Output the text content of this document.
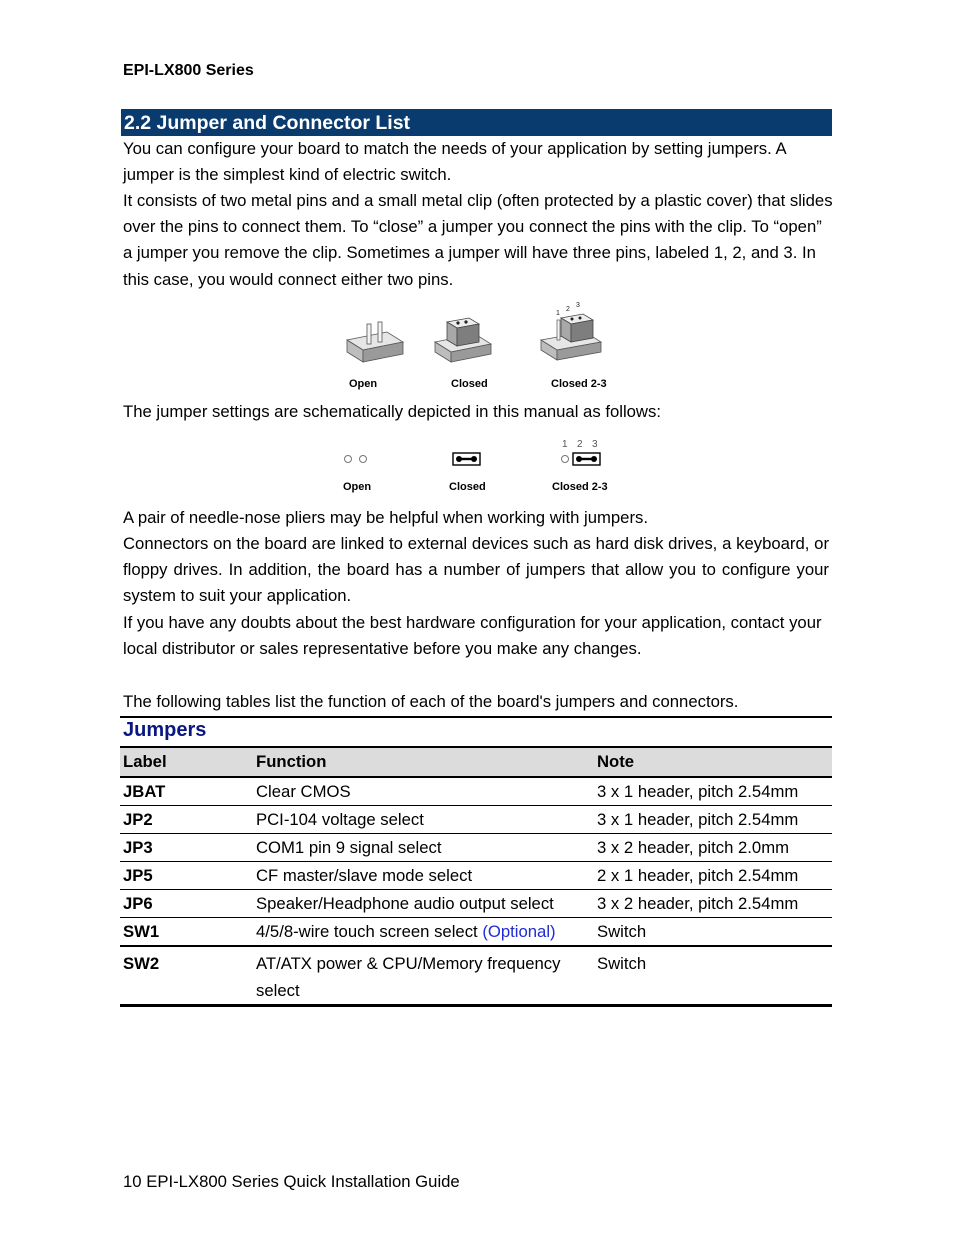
EPI-LX800 Series
2.2 Jumper and Connector List

You can configure your board to match the needs of your application by setting jumpers. A jumper is the simplest kind of electric switch.

It consists of two metal pins and a small metal clip (often protected by a plastic cover) that slides over the pins to connect them. To “close” a jumper you connect the pins with the clip. To “open” a jumper you remove the clip. Sometimes a jumper will have three pins, labeled 1, 2, and 3. In this case, you would connect either two pins.

1
2
3
Open	Closed	Closed 2-3

The jumper settings are schematically depicted in this manual as follows:

1 2 3
Open	Closed	Closed 2-3

A pair of needle-nose pliers may be helpful when working with jumpers.

Connectors on the board are linked to external devices such as hard disk drives, a keyboard, or floppy drives. In addition, the board has a number of jumpers that allow you to configure your system to suit your application.

If you have any doubts about the best hardware configuration for your application, contact your local distributor or sales representative before you make any changes.

The following tables list the function of each of the board's jumpers and connectors.

Jumpers
Label	Function	Note
JBAT	Clear CMOS	3 x 1 header, pitch 2.54mm
JP2	PCI-104 voltage select	3 x 1 header, pitch 2.54mm
JP3	COM1 pin 9 signal select	3 x 2 header, pitch 2.0mm
JP5	CF master/slave mode select	2 x 1 header, pitch 2.54mm
JP6	Speaker/Headphone audio output select	3 x 2 header, pitch 2.54mm
SW1	4/5/8-wire touch screen select (Optional)	Switch
SW2	AT/ATX power & CPU/Memory frequency select	Switch
10 EPI-LX800 Series Quick Installation Guide
